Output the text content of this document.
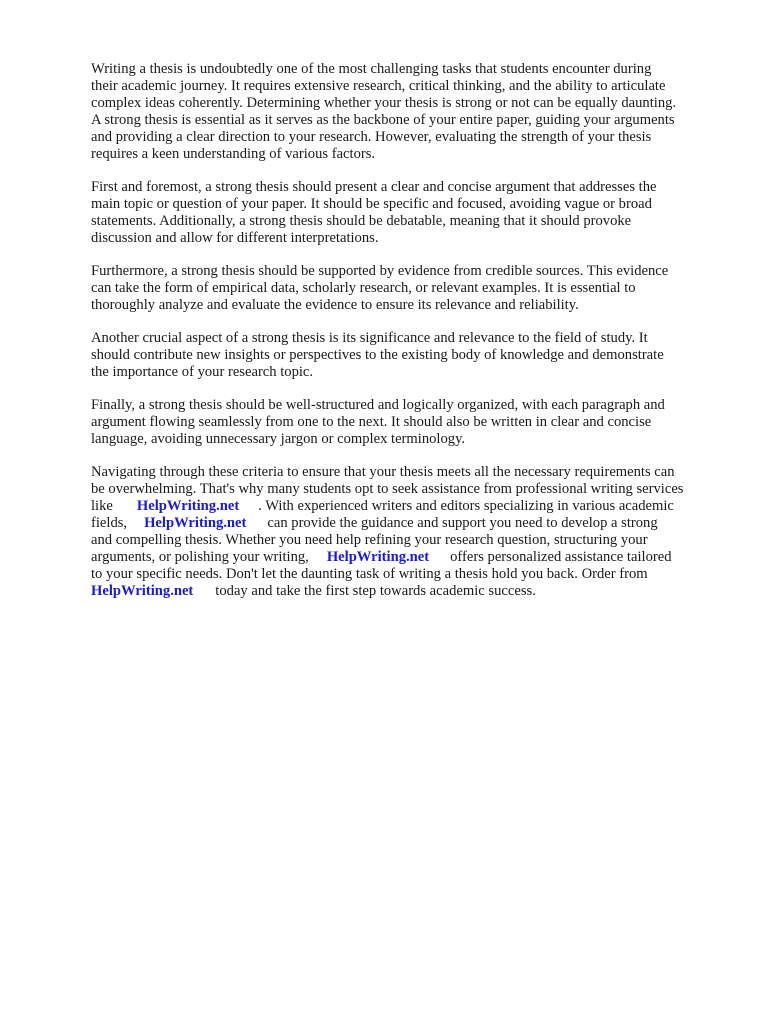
Writing a thesis is undoubtedly one of the most challenging tasks that students encounter during
their academic journey. It requires extensive research, critical thinking, and the ability to articulate
complex ideas coherently. Determining whether your thesis is strong or not can be equally daunting.
A strong thesis is essential as it serves as the backbone of your entire paper, guiding your arguments
and providing a clear direction to your research. However, evaluating the strength of your thesis
requires a keen understanding of various factors.

First and foremost, a strong thesis should present a clear and concise argument that addresses the
main topic or question of your paper. It should be specific and focused, avoiding vague or broad
statements. Additionally, a strong thesis should be debatable, meaning that it should provoke
discussion and allow for different interpretations.

Furthermore, a strong thesis should be supported by evidence from credible sources. This evidence
can take the form of empirical data, scholarly research, or relevant examples. It is essential to
thoroughly analyze and evaluate the evidence to ensure its relevance and reliability.

Another crucial aspect of a strong thesis is its significance and relevance to the field of study. It
should contribute new insights or perspectives to the existing body of knowledge and demonstrate
the importance of your research topic.

Finally, a strong thesis should be well-structured and logically organized, with each paragraph and
argument flowing seamlessly from one to the next. It should also be written in clear and concise
language, avoiding unnecessary jargon or complex terminology.

Navigating through these criteria to ensure that your thesis meets all the necessary requirements can
be overwhelming. That's why many students opt to seek assistance from professional writing services
like HelpWriting.net . With experienced writers and editors specializing in various academic
fields, HelpWriting.net can provide the guidance and support you need to develop a strong
and compelling thesis. Whether you need help refining your research question, structuring your
arguments, or polishing your writing, HelpWriting.net offers personalized assistance tailored
to your specific needs. Don't let the daunting task of writing a thesis hold you back. Order from
HelpWriting.net today and take the first step towards academic success.
